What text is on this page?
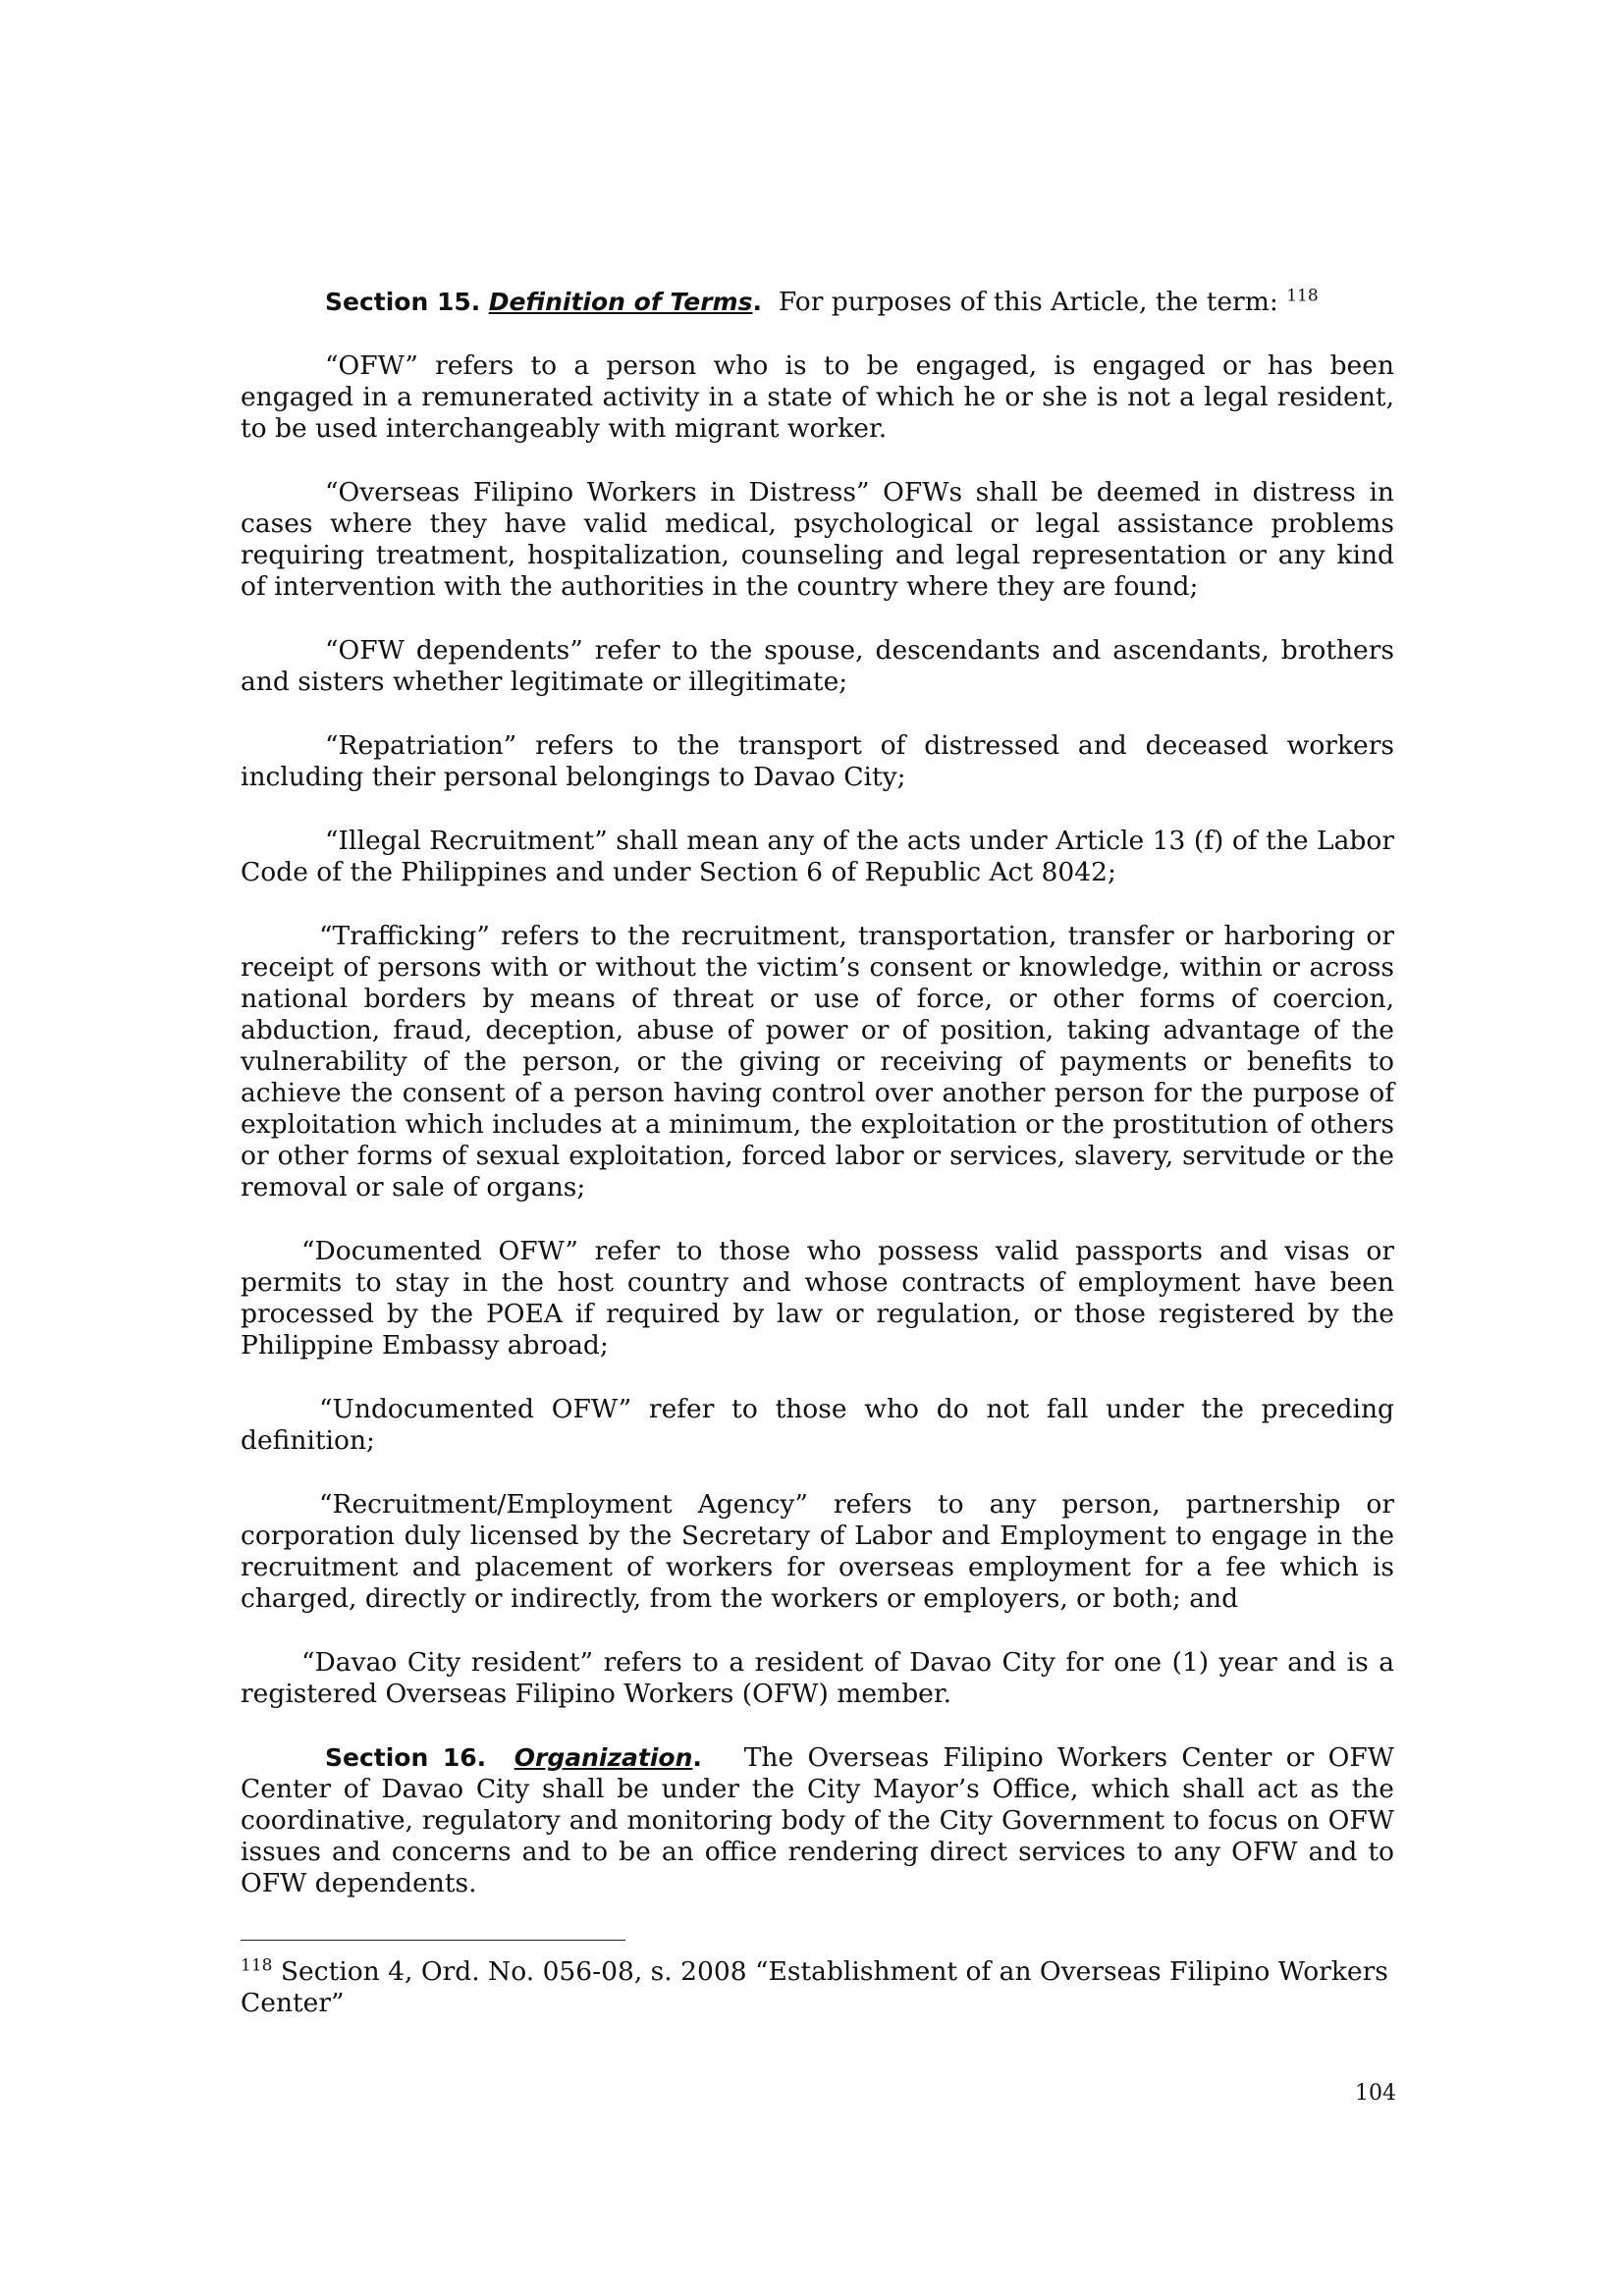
Section 15. Definition of Terms. For purposes of this Article, the term: $^{118}$

“OFW” refers to a person who is to be engaged, is engaged or has been engaged in a remunerated activity in a state of which he or she is not a legal resident, to be used interchangeably with migrant worker.

“Overseas Filipino Workers in Distress” OFWs shall be deemed in distress in cases where they have valid medical, psychological or legal assistance problems requiring treatment, hospitalization, counseling and legal representation or any kind of intervention with the authorities in the country where they are found;

“OFW dependents” refer to the spouse, descendants and ascendants, brothers and sisters whether legitimate or illegitimate;

“Repatriation” refers to the transport of distressed and deceased workers including their personal belongings to Davao City;

“Illegal Recruitment” shall mean any of the acts under Article 13 (f) of the Labor Code of the Philippines and under Section 6 of Republic Act 8042;

“Trafficking” refers to the recruitment, transportation, transfer or harboring or receipt of persons with or without the victim’s consent or knowledge, within or across national borders by means of threat or use of force, or other forms of coercion, abduction, fraud, deception, abuse of power or of position, taking advantage of the vulnerability of the person, or the giving or receiving of payments or benefits to achieve the consent of a person having control over another person for the purpose of exploitation which includes at a minimum, the exploitation or the prostitution of others or other forms of sexual exploitation, forced labor or services, slavery, servitude or the removal or sale of organs;

“Documented OFW” refer to those who possess valid passports and visas or permits to stay in the host country and whose contracts of employment have been processed by the POEA if required by law or regulation, or those registered by the Philippine Embassy abroad;

“Undocumented OFW” refer to those who do not fall under the preceding definition;

“Recruitment/Employment Agency” refers to any person, partnership or corporation duly licensed by the Secretary of Labor and Employment to engage in the recruitment and placement of workers for overseas employment for a fee which is charged, directly or indirectly, from the workers or employers, or both; and

“Davao City resident” refers to a resident of Davao City for one (1) year and is a registered Overseas Filipino Workers (OFW) member.

Section 16. Organization. The Overseas Filipino Workers Center or OFW Center of Davao City shall be under the City Mayor’s Office, which shall act as the coordinative, regulatory and monitoring body of the City Government to focus on OFW issues and concerns and to be an office rendering direct services to any OFW and to OFW dependents.

$^{118}$ Section 4, Ord. No. 056-08, s. 2008 “Establishment of an Overseas Filipino Workers Center”

104
